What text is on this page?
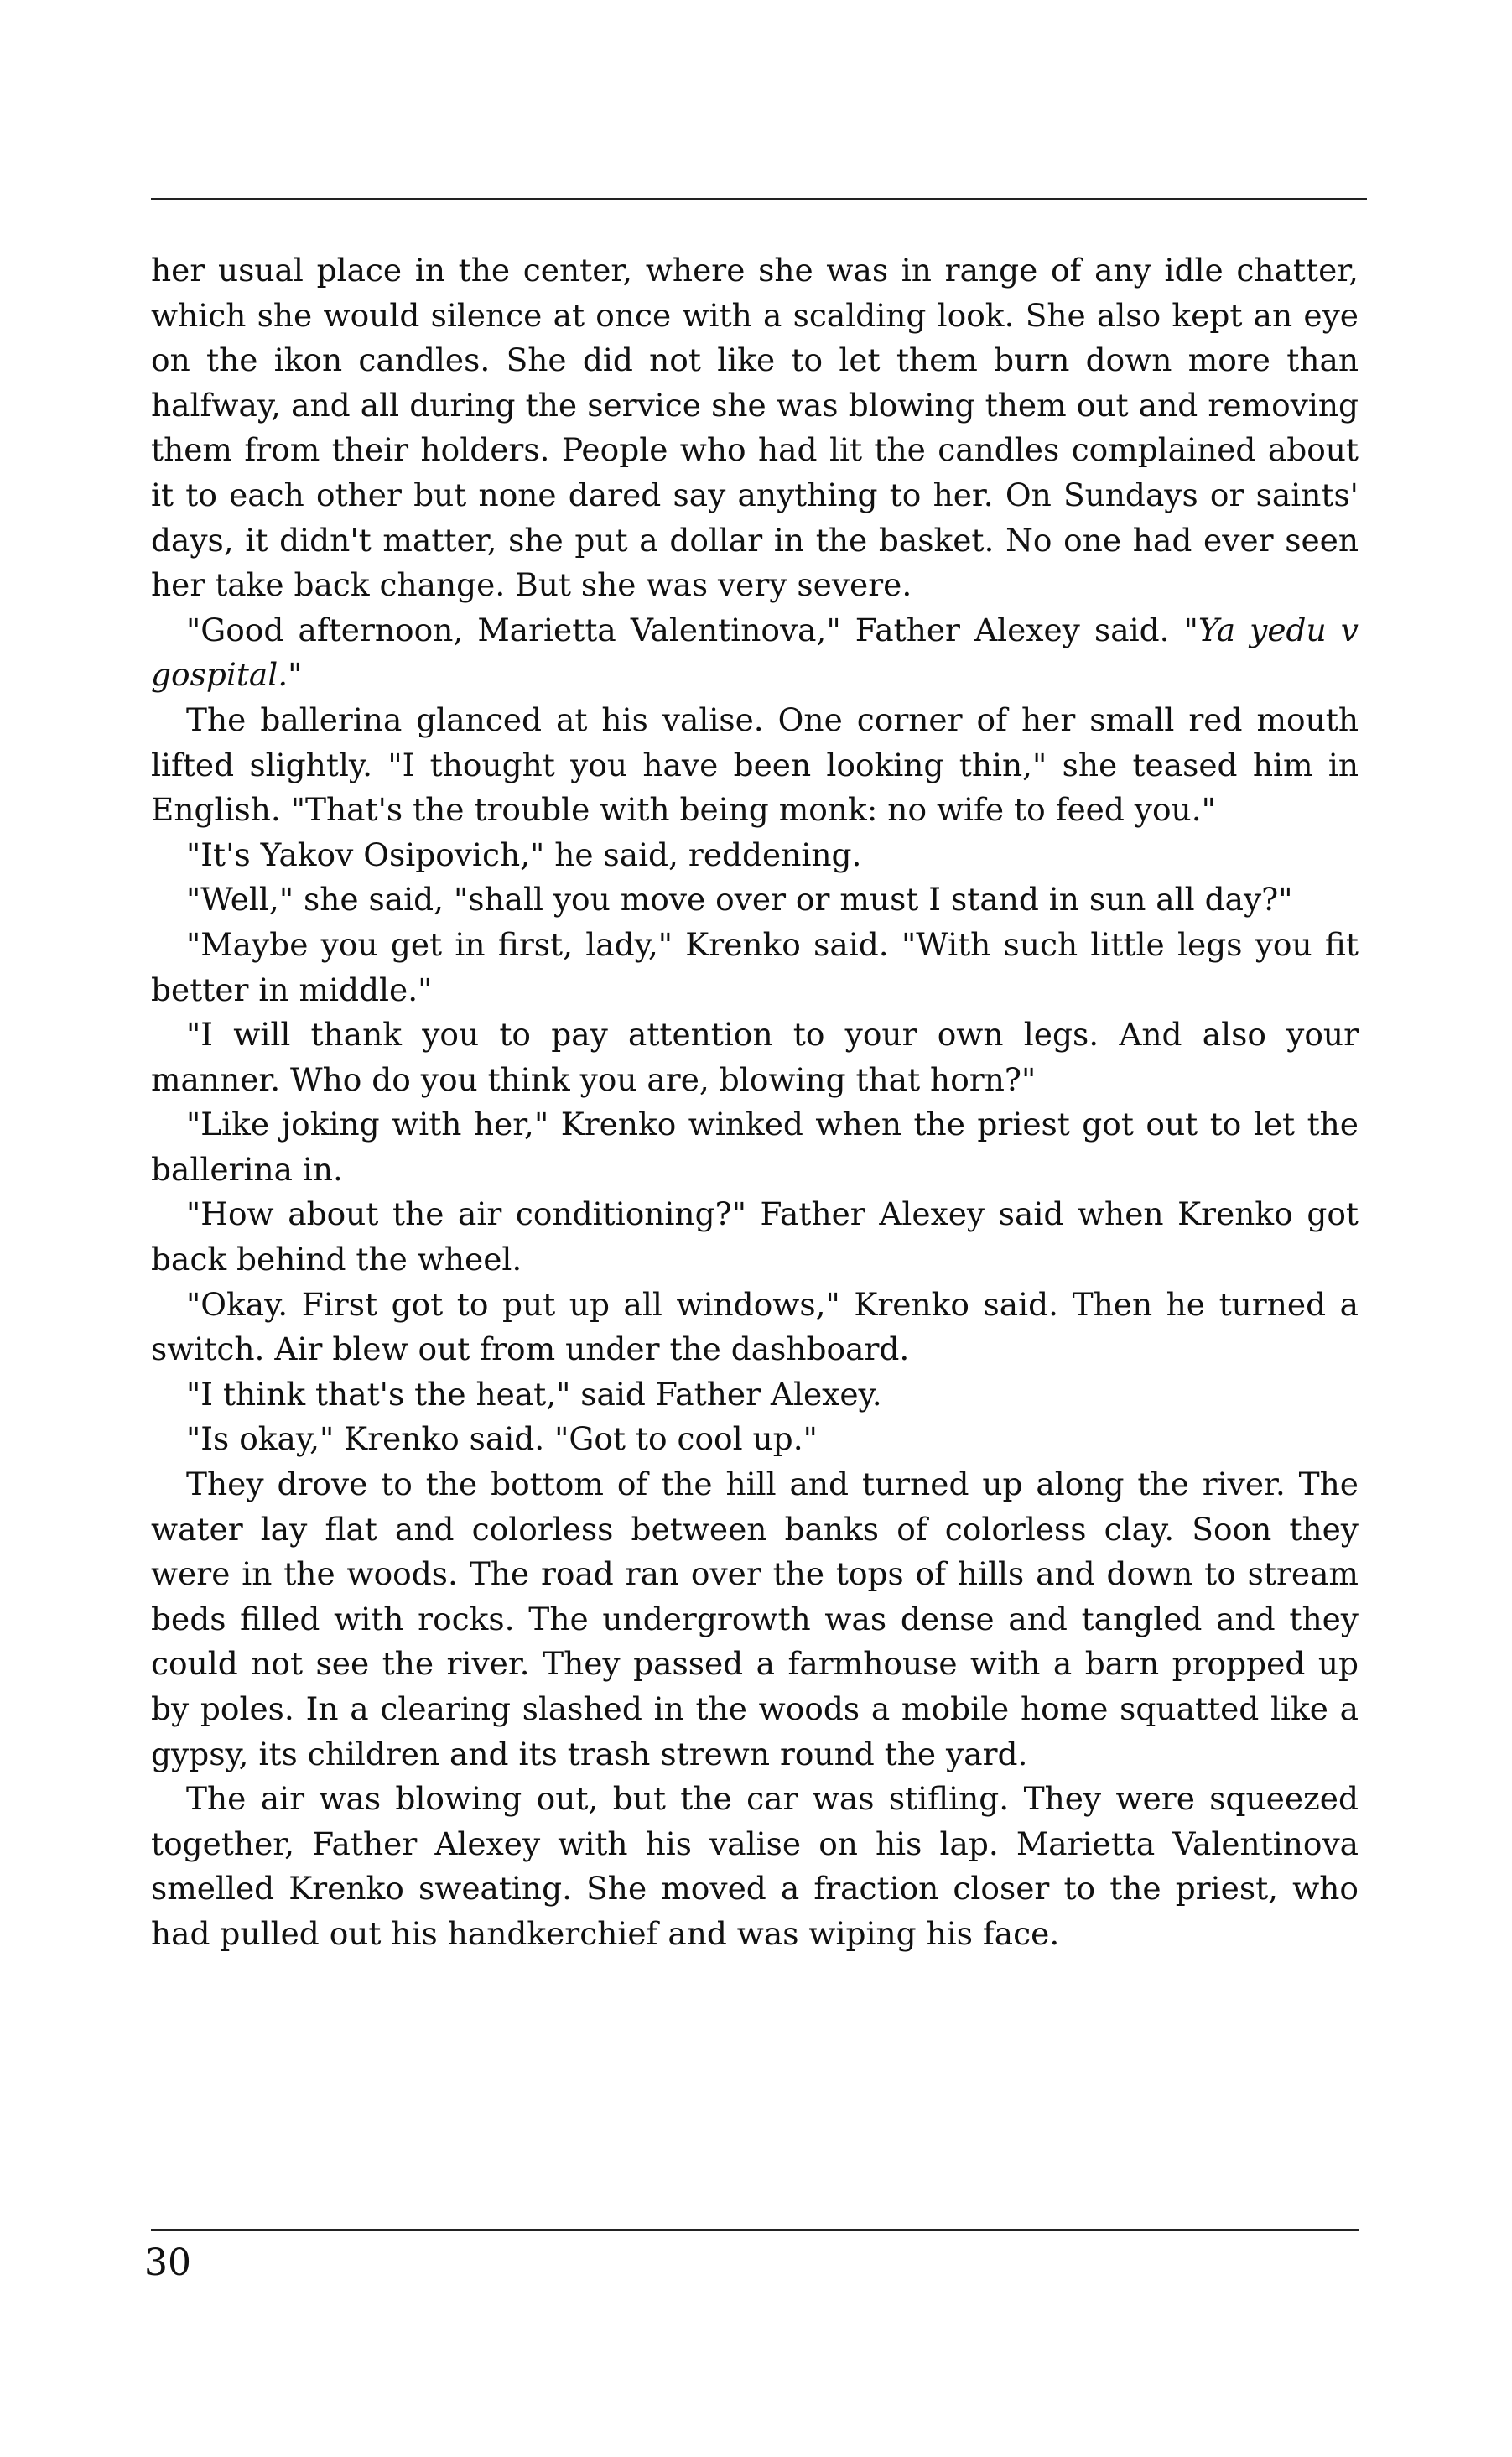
her usual place in the center, where she was in range of any idle chatter, which she would silence at once with a scalding look. She also kept an eye on the ikon candles. She did not like to let them burn down more than halfway, and all during the service she was blowing them out and removing them from their holders. People who had lit the candles complained about it to each other but none dared say anything to her. On Sundays or saints' days, it didn't matter, she put a dollar in the basket. No one had ever seen her take back change. But she was very severe.

"Good afternoon, Marietta Valentinova," Father Alexey said. "Ya yedu v gospital."

The ballerina glanced at his valise. One corner of her small red mouth lifted slightly. "I thought you have been looking thin," she teased him in English. "That's the trouble with being monk: no wife to feed you."

"It's Yakov Osipovich," he said, reddening.

"Well," she said, "shall you move over or must I stand in sun all day?"

"Maybe you get in first, lady," Krenko said. "With such little legs you fit better in middle."

"I will thank you to pay attention to your own legs. And also your manner. Who do you think you are, blowing that horn?"

"Like joking with her," Krenko winked when the priest got out to let the ballerina in.

"How about the air conditioning?" Father Alexey said when Krenko got back behind the wheel.

"Okay. First got to put up all windows," Krenko said. Then he turned a switch. Air blew out from under the dashboard.

"I think that's the heat," said Father Alexey.

"Is okay," Krenko said. "Got to cool up."

They drove to the bottom of the hill and turned up along the river. The water lay flat and colorless between banks of colorless clay. Soon they were in the woods. The road ran over the tops of hills and down to stream beds filled with rocks. The undergrowth was dense and tangled and they could not see the river. They passed a farmhouse with a barn propped up by poles. In a clearing slashed in the woods a mobile home squatted like a gypsy, its children and its trash strewn round the yard.

The air was blowing out, but the car was stifling. They were squeezed together, Father Alexey with his valise on his lap. Marietta Valentinova smelled Krenko sweating. She moved a fraction closer to the priest, who had pulled out his handkerchief and was wiping his face.

30
